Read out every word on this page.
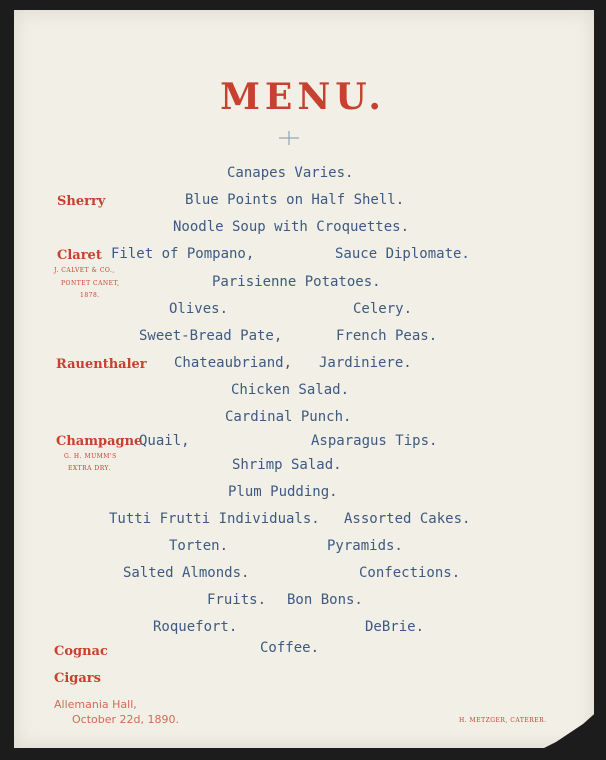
MENU.
Canapes Varies.
Blue Points on Half Shell.
Noodle Soup with Croquettes.
Filet of Pompano,	Sauce Diplomate.
Parisienne Potatoes.
Olives.	Celery.
Sweet-Bread Pate,	French Peas.
Chateaubriand, Jardiniere.
Chicken Salad.
Cardinal Punch.
Quail,	Asparagus Tips.
Shrimp Salad.
Plum Pudding.
Tutti Frutti Individuals. Assorted Cakes.
Torten.	Pyramids.
Salted Almonds.	Confections.
Fruits. Bon Bons.
Roquefort.	DeBrie.
Coffee.
Sherry
Claret
J. CALVET & CO.,
PONTET CANET,
1878.
Rauenthaler
Champagne
G. H. MUMM'S
EXTRA DRY.
Cognac
Cigars
Allemania Hall,
October 22d, 1890.	H. METZGER, CATERER.
